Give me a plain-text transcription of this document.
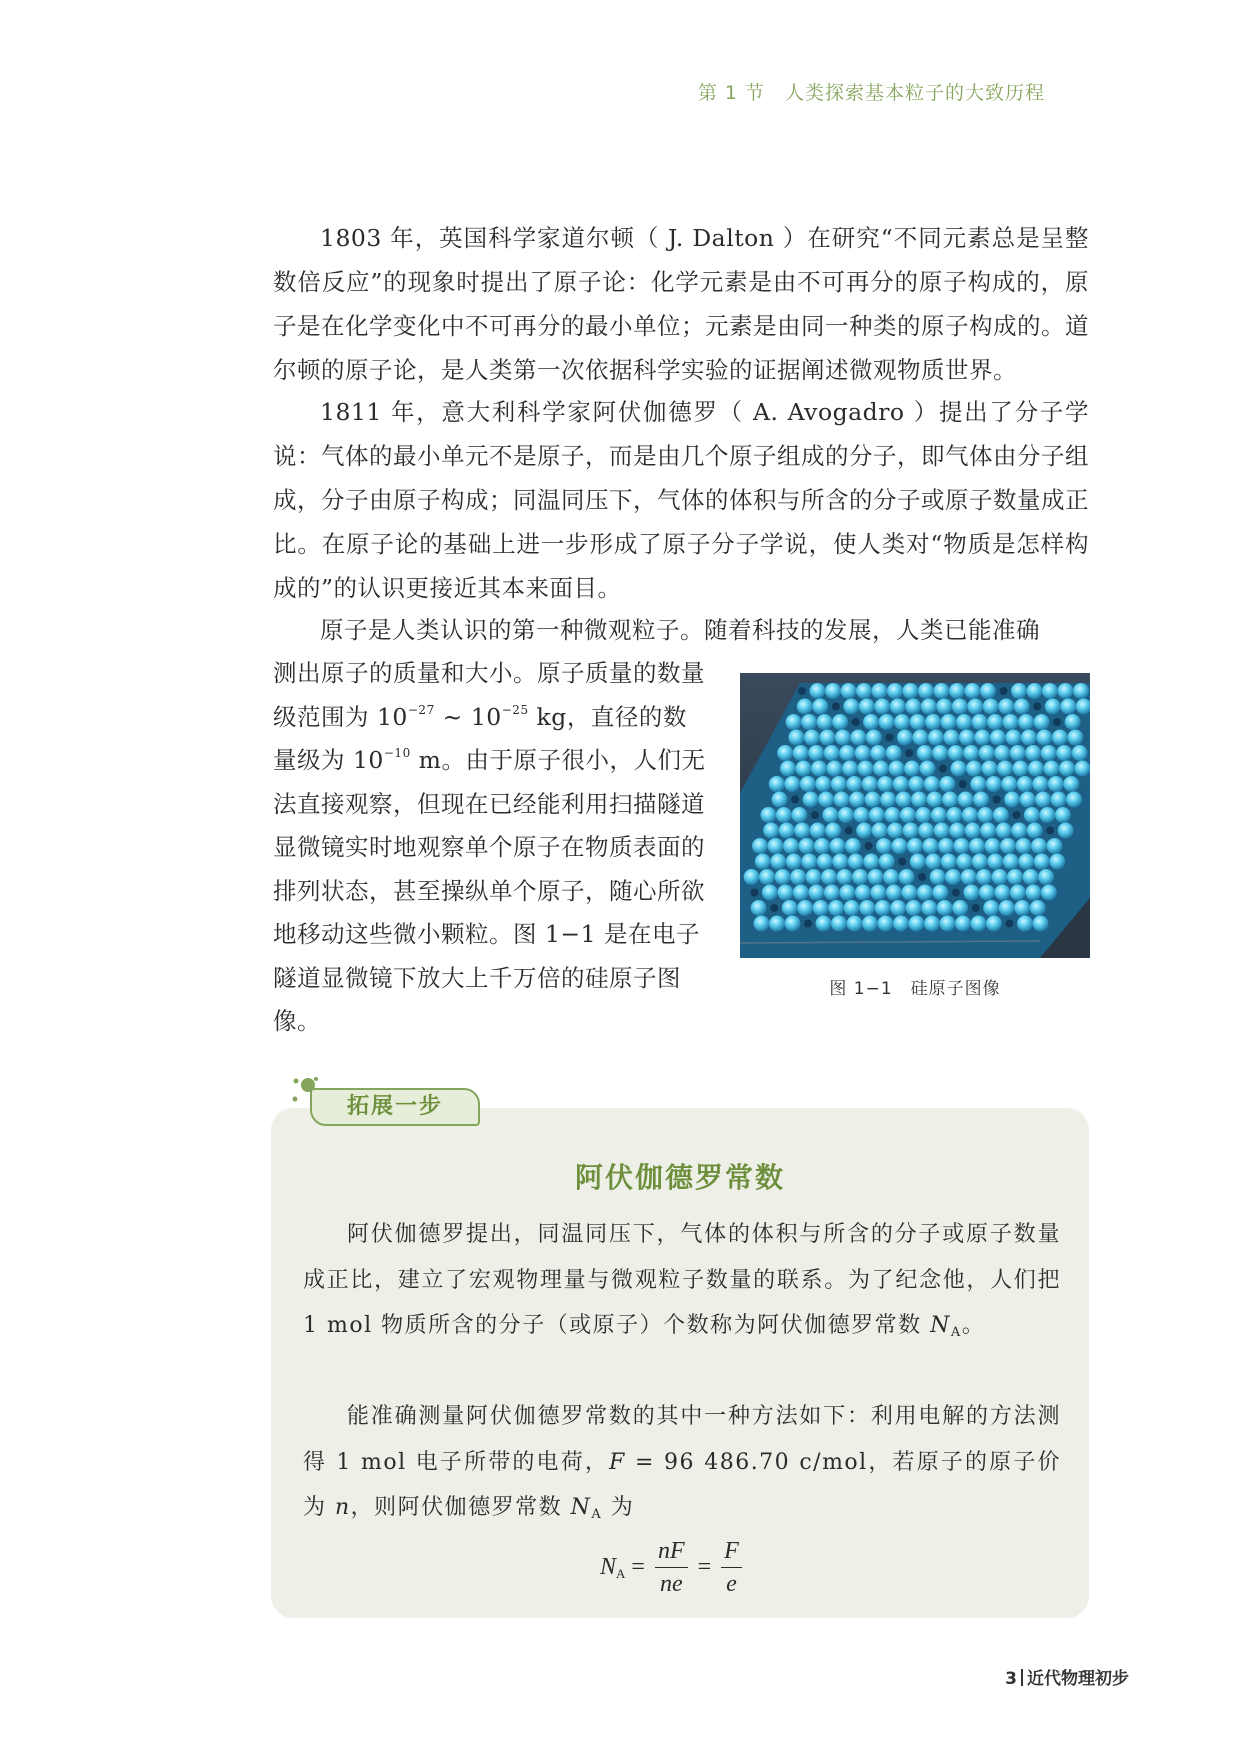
第 1 节 人类探索基本粒子的大致历程

1803 年，英国科学家道尔顿（ J. Dalton ）在研究“不同元素总是呈整数倍反应”的现象时提出了原子论：化学元素是由不可再分的原子构成的，原子是在化学变化中不可再分的最小单位；元素是由同一种类的原子构成的。道尔顿的原子论，是人类第一次依据科学实验的证据阐述微观物质世界。

1811 年，意大利科学家阿伏伽德罗（ A. Avogadro ）提出了分子学说：气体的最小单元不是原子，而是由几个原子组成的分子，即气体由分子组成，分子由原子构成；同温同压下，气体的体积与所含的分子或原子数量成正比。在原子论的基础上进一步形成了原子分子学说，使人类对“物质是怎样构成的”的认识更接近其本来面目。

原子是人类认识的第一种微观粒子。随着科技的发展，人类已能准确

测出原子的质量和大小。原子质量的数量级范围为 $10^{-27}$ ~ $10^{-25}$ kg，直径的数量级为 $10^{-10}$ m。由于原子很小，人们无法直接观察，但现在已经能利用扫描隧道显微镜实时地观察单个原子在物质表面的排列状态，甚至操纵单个原子，随心所欲地移动这些微小颗粒。图 1−1 是在电子隧道显微镜下放大上千万倍的硅原子图像。

图 1−1　硅原子图像
拓展一步
阿伏伽德罗常数

阿伏伽德罗提出，同温同压下，气体的体积与所含的分子或原子数量成正比，建立了宏观物理量与微观粒子数量的联系。为了纪念他，人们把 1 mol 物质所含的分子（或原子）个数称为阿伏伽德罗常数 $N_A$。

能准确测量阿伏伽德罗常数的其中一种方法如下：利用电解的方法测得 1 mol 电子所带的电荷，F = 96 486.70 c/mol，若原子的原子价为 n，则阿伏伽德罗常数 $N_A$ 为

$N_A = \frac{nF}{ne} = \frac{F}{e}$
3 近代物理初步
